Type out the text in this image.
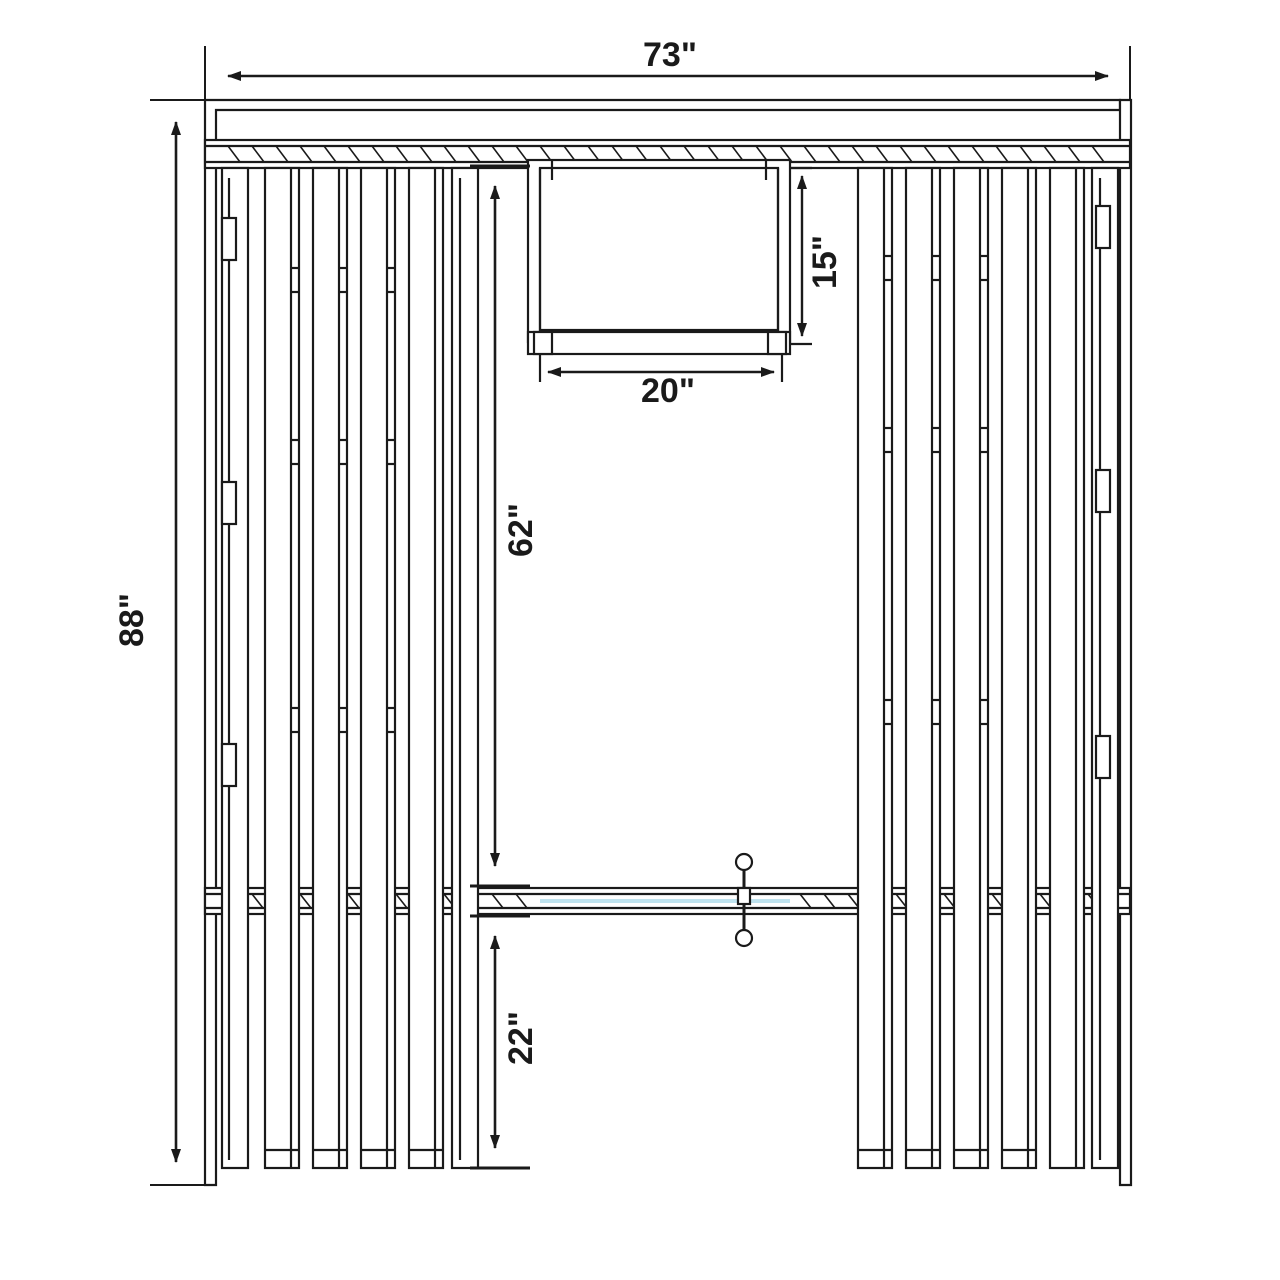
73"
88"
15"
20"
62"
22"
